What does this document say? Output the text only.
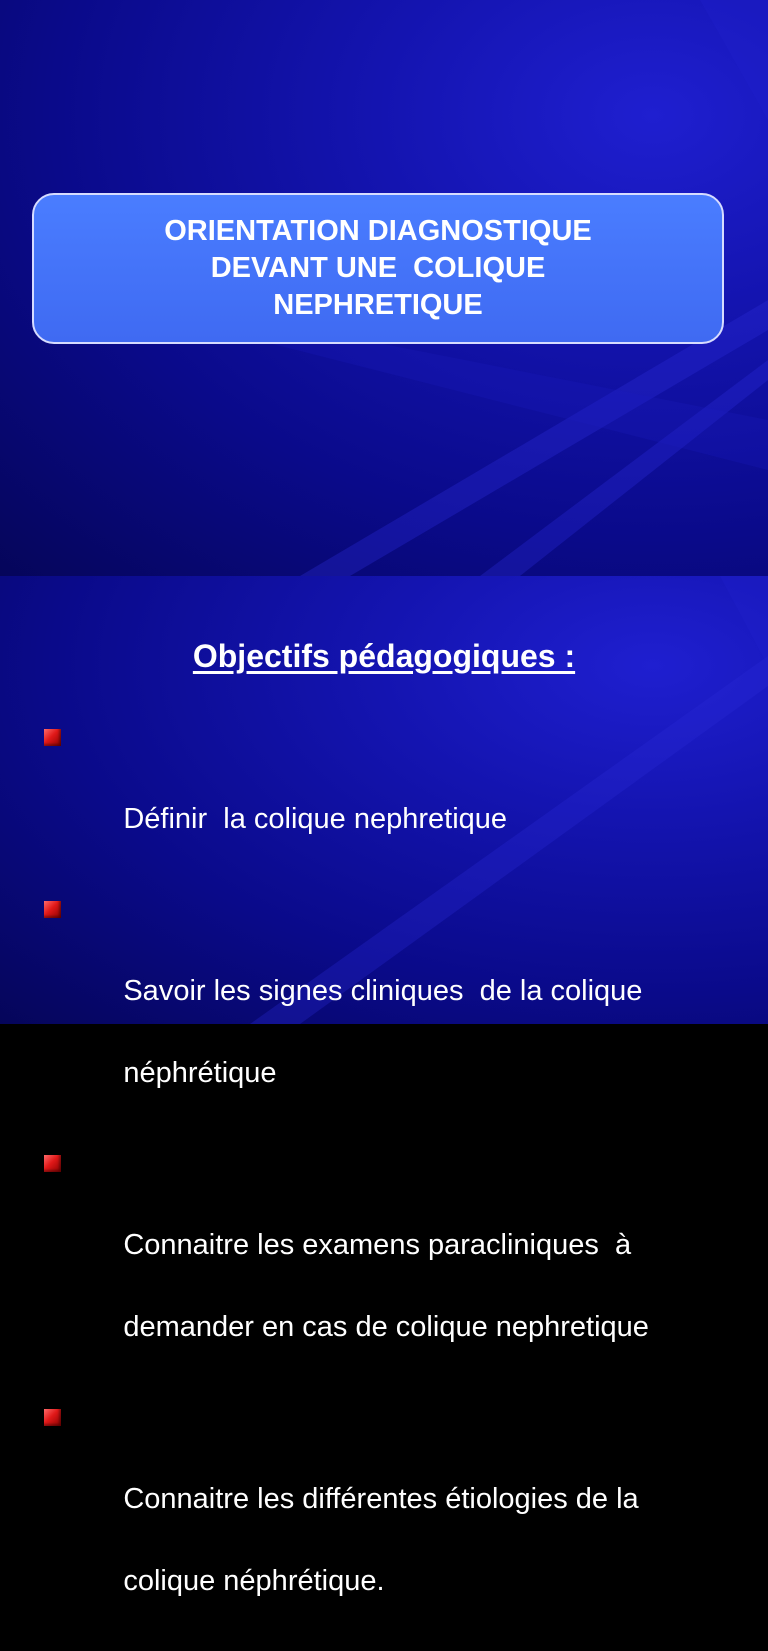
ORIENTATION DIAGNOSTIQUE
DEVANT UNE  COLIQUE
NEPHRETIQUE
Objectifs pédagogiques :

Définir  la colique nephretique

Savoir les signes cliniques  de la colique

néphrétique

Connaitre les examens paracliniques  à

demander en cas de colique nephretique

Connaitre les différentes étiologies de la

colique néphrétique.
